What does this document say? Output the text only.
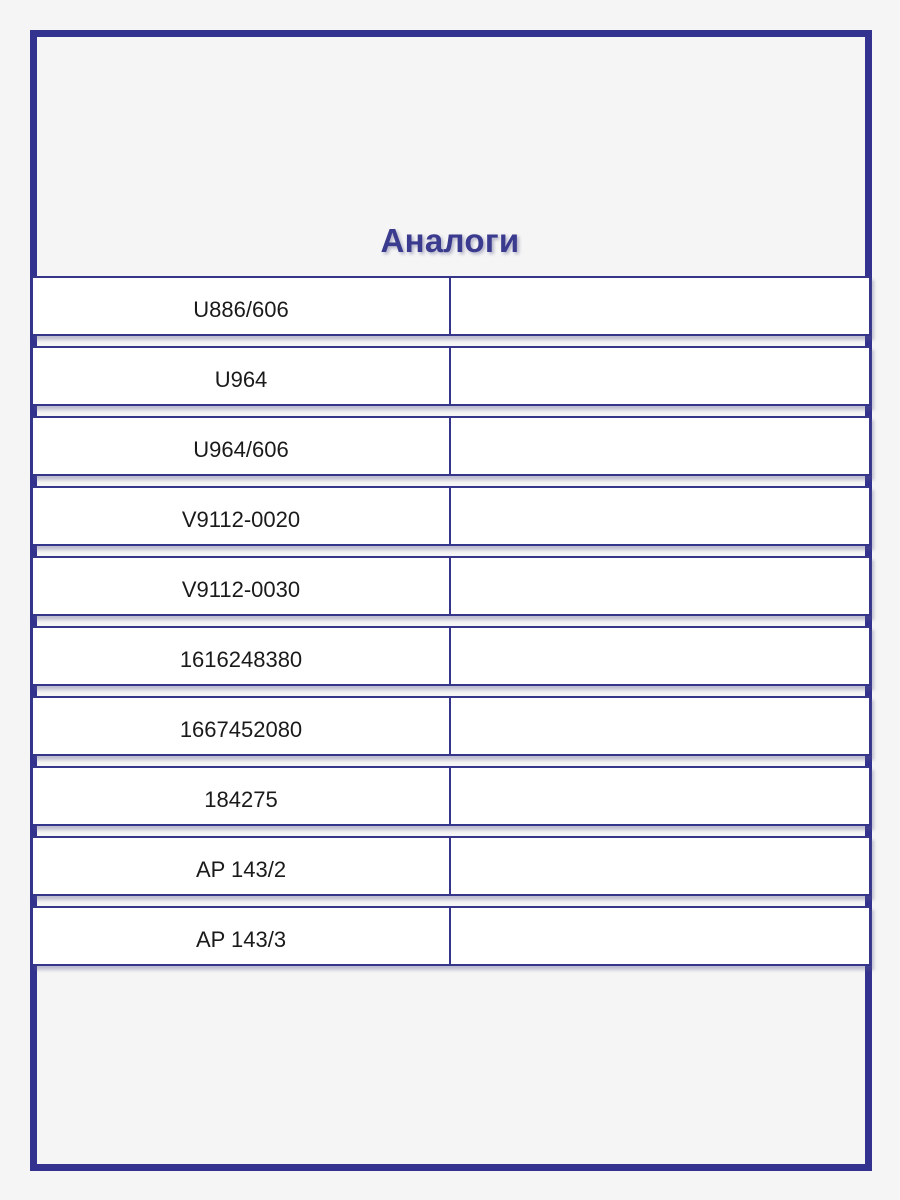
Аналоги
U886/606
U964
U964/606
V9112-0020
V9112-0030
1616248380
1667452080
184275
AP 143/2
AP 143/3
